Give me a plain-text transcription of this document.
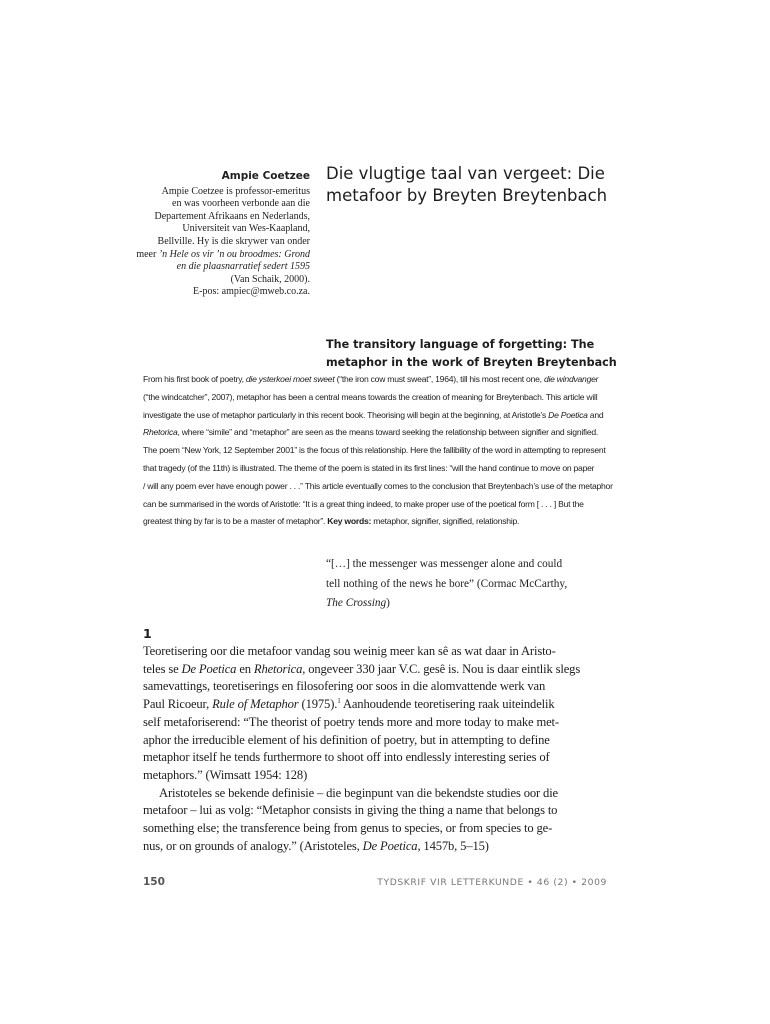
Ampie Coetzee

Ampie Coetzee is professor-emeritus
en was voorheen verbonde aan die
Departement Afrikaans en Nederlands,
Universiteit van Wes-Kaapland,
Bellville. Hy is die skrywer van onder
meer ’n Hele os vir ’n ou broodmes: Grond
en die plaasnarratief sedert 1595
(Van Schaik, 2000).
E-pos: ampiec@mweb.co.za.

Die vlugtige taal van vergeet: Die
metafoor by Breyten Breytenbach
The transitory language of forgetting: The
metaphor in the work of Breyten Breytenbach
From his first book of poetry, die ysterkoei moet sweet (“the iron cow must sweat”, 1964), till his most recent one, die windvanger
(“the windcatcher”, 2007), metaphor has been a central means towards the creation of meaning for Breytenbach. This article will
investigate the use of metaphor particularly in this recent book. Theorising will begin at the beginning, at Aristotle’s De Poetica and
Rhetorica, where “simile” and “metaphor” are seen as the means toward seeking the relationship between signifier and signified.
The poem “New York, 12 September 2001” is the focus of this relationship. Here the fallibility of the word in attempting to represent
that tragedy (of the 11th) is illustrated. The theme of the poem is stated in its first lines: “will the hand continue to move on paper
/ will any poem ever have enough power . . .” This article eventually comes to the conclusion that Breytenbach’s use of the metaphor
can be summarised in the words of Aristotle: “It is a great thing indeed, to make proper use of the poetical form [ . . . ] But the
greatest thing by far is to be a master of metaphor”. Key words: metaphor, signifier, signified, relationship.
“[…] the messenger was messenger alone and could
tell nothing of the news he bore” (Cormac McCarthy,
The Crossing)
1
Teoretisering oor die metafoor vandag sou weinig meer kan sê as wat daar in Aristo-
teles se De Poetica en Rhetorica, ongeveer 330 jaar V.C. gesê is. Nou is daar eintlik slegs
samevattings, teoretiserings en filosofering oor soos in die alomvattende werk van
Paul Ricoeur, Rule of Metaphor (1975).$^1$ Aanhoudende teoretisering raak uiteindelik
self metaforiserend: “The theorist of poetry tends more and more today to make met-
aphor the irreducible element of his definition of poetry, but in attempting to define
metaphor itself he tends furthermore to shoot off into endlessly interesting series of
metaphors.” (Wimsatt 1954: 128)
Aristoteles se bekende definisie – die beginpunt van die bekendste studies oor die
metafoor – lui as volg: “Metaphor consists in giving the thing a name that belongs to
something else; the transference being from genus to species, or from species to ge-
nus, or on grounds of analogy.” (Aristoteles, De Poetica, 1457b, 5–15)
150	TYDSKRIF VIR LETTERKUNDE • 46 (2) • 2009
